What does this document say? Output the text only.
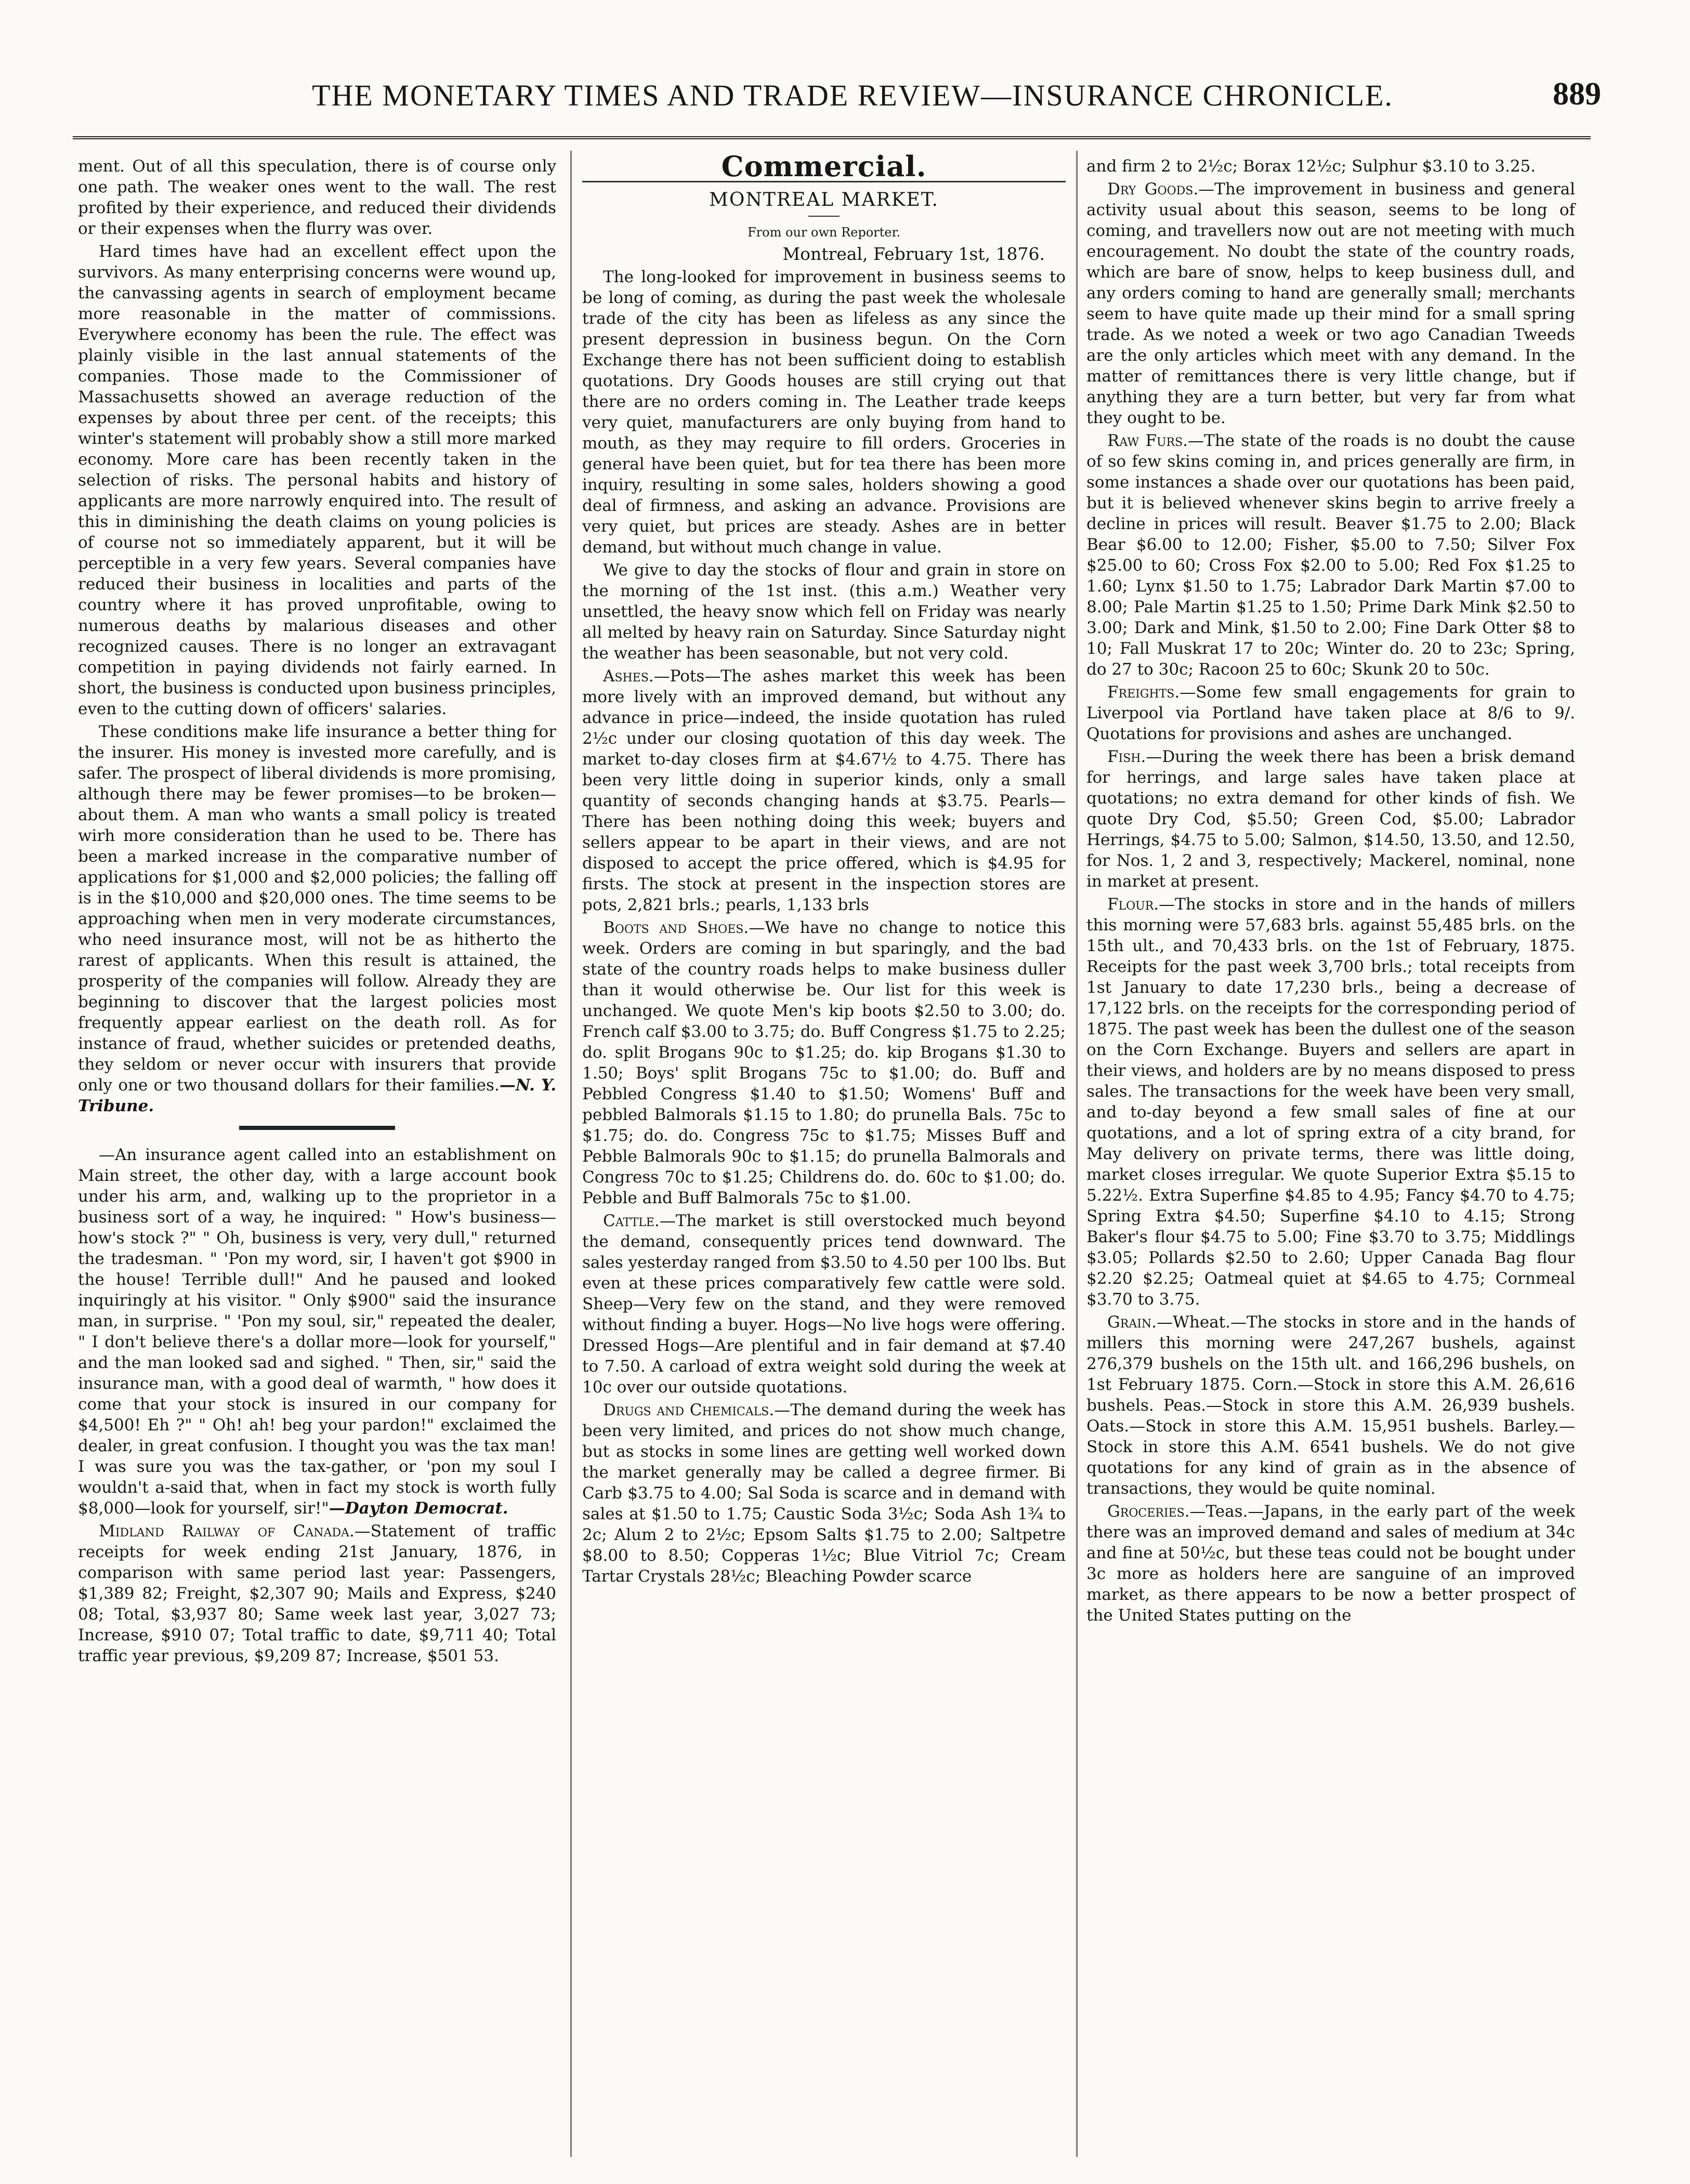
THE MONETARY TIMES AND TRADE REVIEW—INSURANCE CHRONICLE.	889

ment. Out of all this speculation, there is of course only one path. The weaker ones went to the wall. The rest profited by their experience, and reduced their dividends or their expenses when the flurry was over.

Hard times have had an excellent effect upon the survivors. As many enterprising concerns were wound up, the canvassing agents in search of employment became more reasonable in the matter of commissions. Everywhere economy has been the rule. The effect was plainly visible in the last annual statements of the companies. Those made to the Commissioner of Massachusetts showed an average reduction of the expenses by about three per cent. of the receipts; this winter's statement will probably show a still more marked economy. More care has been recently taken in the selection of risks. The personal habits and history of applicants are more narrowly enquired into. The result of this in diminishing the death claims on young policies is of course not so immediately apparent, but it will be perceptible in a very few years. Several companies have reduced their business in localities and parts of the country where it has proved unprofitable, owing to numerous deaths by malarious diseases and other recognized causes. There is no longer an extravagant competition in paying dividends not fairly earned. In short, the business is conducted upon business principles, even to the cutting down of officers' salaries.

These conditions make life insurance a better thing for the insurer. His money is invested more carefully, and is safer. The prospect of liberal dividends is more promising, although there may be fewer promises—to be broken—about them. A man who wants a small policy is treated wirh more consideration than he used to be. There has been a marked increase in the comparative number of applications for $1,000 and $2,000 policies; the falling off is in the $10,000 and $20,000 ones. The time seems to be approaching when men in very moderate circumstances, who need insurance most, will not be as hitherto the rarest of applicants. When this result is attained, the prosperity of the companies will follow. Already they are beginning to discover that the largest policies most frequently appear earliest on the death roll. As for instance of fraud, whether suicides or pretended deaths, they seldom or never occur with insurers that provide only one or two thousand dollars for their families.—N. Y. Tribune.

—An insurance agent called into an establishment on Main street, the other day, with a large account book under his arm, and, walking up to the proprietor in a business sort of a way, he inquired: " How's business—how's stock ?" " Oh, business is very, very dull," returned the tradesman. " 'Pon my word, sir, I haven't got $900 in the house! Terrible dull!" And he paused and looked inquiringly at his visitor. " Only $900" said the insurance man, in surprise. " 'Pon my soul, sir," repeated the dealer, " I don't believe there's a dollar more—look for yourself," and the man looked sad and sighed. " Then, sir," said the insurance man, with a good deal of warmth, " how does it come that your stock is insured in our company for $4,500! Eh ?" " Oh! ah! beg your pardon!" exclaimed the dealer, in great confusion. I thought you was the tax man! I was sure you was the tax-gather, or 'pon my soul I wouldn't a-said that, when in fact my stock is worth fully $8,000—look for yourself, sir!"—Dayton Democrat.

Midland Railway of Canada.—Statement of traffic receipts for week ending 21st January, 1876, in comparison with same period last year: Passengers, $1,389 82; Freight, $2,307 90; Mails and Express, $240 08; Total, $3,937 80; Same week last year, 3,027 73; Increase, $910 07; Total traffic to date, $9,711 40; Total traffic year previous, $9,209 87; Increase, $501 53.

Commercial.
MONTREAL MARKET.
From our own Reporter.
Montreal, February 1st, 1876.

The long-looked for improvement in business seems to be long of coming, as during the past week the wholesale trade of the city has been as lifeless as any since the present depression in business begun. On the Corn Exchange there has not been sufficient doing to establish quotations. Dry Goods houses are still crying out that there are no orders coming in. The Leather trade keeps very quiet, manufacturers are only buying from hand to mouth, as they may require to fill orders. Groceries in general have been quiet, but for tea there has been more inquiry, resulting in some sales, holders showing a good deal of firmness, and asking an advance. Provisions are very quiet, but prices are steady. Ashes are in better demand, but without much change in value.

We give to day the stocks of flour and grain in store on the morning of the 1st inst. (this a.m.) Weather very unsettled, the heavy snow which fell on Friday was nearly all melted by heavy rain on Saturday. Since Saturday night the weather has been seasonable, but not very cold.

Ashes.—Pots—The ashes market this week has been more lively with an improved demand, but without any advance in price—indeed, the inside quotation has ruled 2½c under our closing quotation of this day week. The market to-day closes firm at $4.67½ to 4.75. There has been very little doing in superior kinds, only a small quantity of seconds changing hands at $3.75. Pearls—There has been nothing doing this week; buyers and sellers appear to be apart in their views, and are not disposed to accept the price offered, which is $4.95 for firsts. The stock at present in the inspection stores are pots, 2,821 brls.; pearls, 1,133 brls

Boots and Shoes.—We have no change to notice this week. Orders are coming in but sparingly, and the bad state of the country roads helps to make business duller than it would otherwise be. Our list for this week is unchanged. We quote Men's kip boots $2.50 to 3.00; do. French calf $3.00 to 3.75; do. Buff Congress $1.75 to 2.25; do. split Brogans 90c to $1.25; do. kip Brogans $1.30 to 1.50; Boys' split Brogans 75c to $1.00; do. Buff and Pebbled Congress $1.40 to $1.50; Womens' Buff and pebbled Balmorals $1.15 to 1.80; do prunella Bals. 75c to $1.75; do. do. Congress 75c to $1.75; Misses Buff and Pebble Balmorals 90c to $1.15; do prunella Balmorals and Congress 70c to $1.25; Childrens do. do. 60c to $1.00; do. Pebble and Buff Balmorals 75c to $1.00.

Cattle.—The market is still overstocked much beyond the demand, consequently prices tend downward. The sales yesterday ranged from $3.50 to 4.50 per 100 lbs. But even at these prices comparatively few cattle were sold. Sheep—Very few on the stand, and they were removed without finding a buyer. Hogs—No live hogs were offering. Dressed Hogs—Are plentiful and in fair demand at $7.40 to 7.50. A carload of extra weight sold during the week at 10c over our outside quotations.

Drugs and Chemicals.—The demand during the week has been very limited, and prices do not show much change, but as stocks in some lines are getting well worked down the market generally may be called a degree firmer. Bi Carb $3.75 to 4.00; Sal Soda is scarce and in demand with sales at $1.50 to 1.75; Caustic Soda 3½c; Soda Ash 1¾ to 2c; Alum 2 to 2½c; Epsom Salts $1.75 to 2.00; Saltpetre $8.00 to 8.50; Copperas 1½c; Blue Vitriol 7c; Cream Tartar Crystals 28½c; Bleaching Powder scarce

and firm 2 to 2½c; Borax 12½c; Sulphur $3.10 to 3.25.

Dry Goods.—The improvement in business and general activity usual about this season, seems to be long of coming, and travellers now out are not meeting with much encouragement. No doubt the state of the country roads, which are bare of snow, helps to keep business dull, and any orders coming to hand are generally small; merchants seem to have quite made up their mind for a small spring trade. As we noted a week or two ago Canadian Tweeds are the only articles which meet with any demand. In the matter of remittances there is very little change, but if anything they are a turn better, but very far from what they ought to be.

Raw Furs.—The state of the roads is no doubt the cause of so few skins coming in, and prices generally are firm, in some instances a shade over our quotations has been paid, but it is believed whenever skins begin to arrive freely a decline in prices will result. Beaver $1.75 to 2.00; Black Bear $6.00 to 12.00; Fisher, $5.00 to 7.50; Silver Fox $25.00 to 60; Cross Fox $2.00 to 5.00; Red Fox $1.25 to 1.60; Lynx $1.50 to 1.75; Labrador Dark Martin $7.00 to 8.00; Pale Martin $1.25 to 1.50; Prime Dark Mink $2.50 to 3.00; Dark and Mink, $1.50 to 2.00; Fine Dark Otter $8 to 10; Fall Muskrat 17 to 20c; Winter do. 20 to 23c; Spring, do 27 to 30c; Racoon 25 to 60c; Skunk 20 to 50c.

Freights.—Some few small engagements for grain to Liverpool via Portland have taken place at 8/6 to 9/. Quotations for provisions and ashes are unchanged.

Fish.—During the week there has been a brisk demand for herrings, and large sales have taken place at quotations; no extra demand for other kinds of fish. We quote Dry Cod, $5.50; Green Cod, $5.00; Labrador Herrings, $4.75 to 5.00; Salmon, $14.50, 13.50, and 12.50, for Nos. 1, 2 and 3, respectively; Mackerel, nominal, none in market at present.

Flour.—The stocks in store and in the hands of millers this morning were 57,683 brls. against 55,485 brls. on the 15th ult., and 70,433 brls. on the 1st of February, 1875. Receipts for the past week 3,700 brls.; total receipts from 1st January to date 17,230 brls., being a decrease of 17,122 brls. on the receipts for the corresponding period of 1875. The past week has been the dullest one of the season on the Corn Exchange. Buyers and sellers are apart in their views, and holders are by no means disposed to press sales. The transactions for the week have been very small, and to-day beyond a few small sales of fine at our quotations, and a lot of spring extra of a city brand, for May delivery on private terms, there was little doing, market closes irregular. We quote Superior Extra $5.15 to 5.22½. Extra Superfine $4.85 to 4.95; Fancy $4.70 to 4.75; Spring Extra $4.50; Superfine $4.10 to 4.15; Strong Baker's flour $4.75 to 5.00; Fine $3.70 to 3.75; Middlings $3.05; Pollards $2.50 to 2.60; Upper Canada Bag flour $2.20 $2.25; Oatmeal quiet at $4.65 to 4.75; Cornmeal $3.70 to 3.75.

Grain.—Wheat.—The stocks in store and in the hands of millers this morning were 247,267 bushels, against 276,379 bushels on the 15th ult. and 166,296 bushels, on 1st February 1875. Corn.—Stock in store this A.M. 26,616 bushels. Peas.—Stock in store this A.M. 26,939 bushels. Oats.—Stock in store this A.M. 15,951 bushels. Barley.—Stock in store this A.M. 6541 bushels. We do not give quotations for any kind of grain as in the absence of transactions, they would be quite nominal.

Groceries.—Teas.—Japans, in the early part of the week there was an improved demand and sales of medium at 34c and fine at 50½c, but these teas could not be bought under 3c more as holders here are sanguine of an improved market, as there appears to be now a better prospect of the United States putting on the
